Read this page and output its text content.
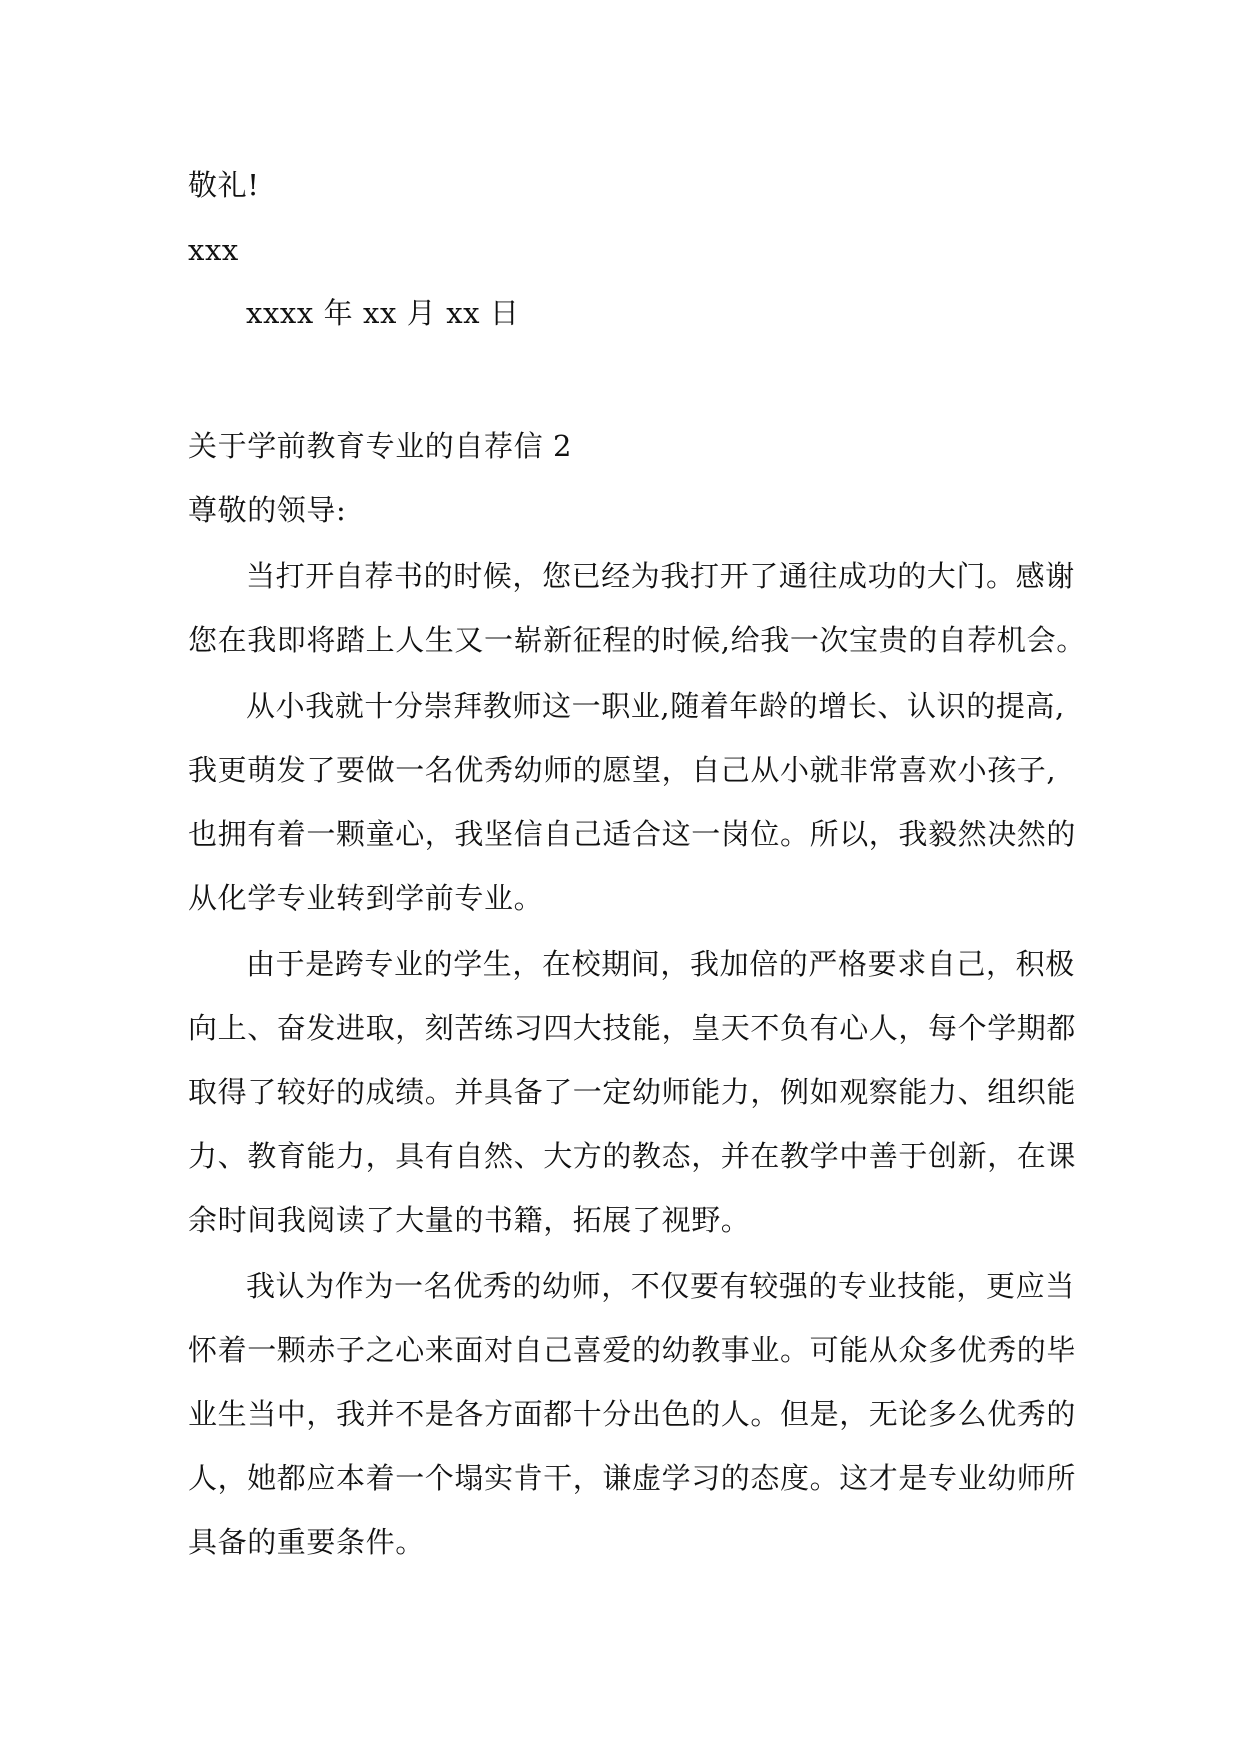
敬礼!
xxx
xxxx 年 xx 月 xx 日
关于学前教育专业的自荐信 2
尊敬的领导:
当打开自荐书的时候，您已经为我打开了通往成功的大门。感谢
您在我即将踏上人生又一崭新征程的时候,给我一次宝贵的自荐机会。
从小我就十分崇拜教师这一职业,随着年龄的增长、认识的提高,
我更萌发了要做一名优秀幼师的愿望，自己从小就非常喜欢小孩子,
也拥有着一颗童心，我坚信自己适合这一岗位。所以，我毅然决然的
从化学专业转到学前专业。
由于是跨专业的学生，在校期间，我加倍的严格要求自己，积极
向上、奋发进取，刻苦练习四大技能，皇天不负有心人，每个学期都
取得了较好的成绩。并具备了一定幼师能力，例如观察能力、组织能
力、教育能力，具有自然、大方的教态，并在教学中善于创新，在课
余时间我阅读了大量的书籍，拓展了视野。
我认为作为一名优秀的幼师，不仅要有较强的专业技能，更应当
怀着一颗赤子之心来面对自己喜爱的幼教事业。可能从众多优秀的毕
业生当中，我并不是各方面都十分出色的人。但是，无论多么优秀的
人，她都应本着一个塌实肯干，谦虚学习的态度。这才是专业幼师所
具备的重要条件。
